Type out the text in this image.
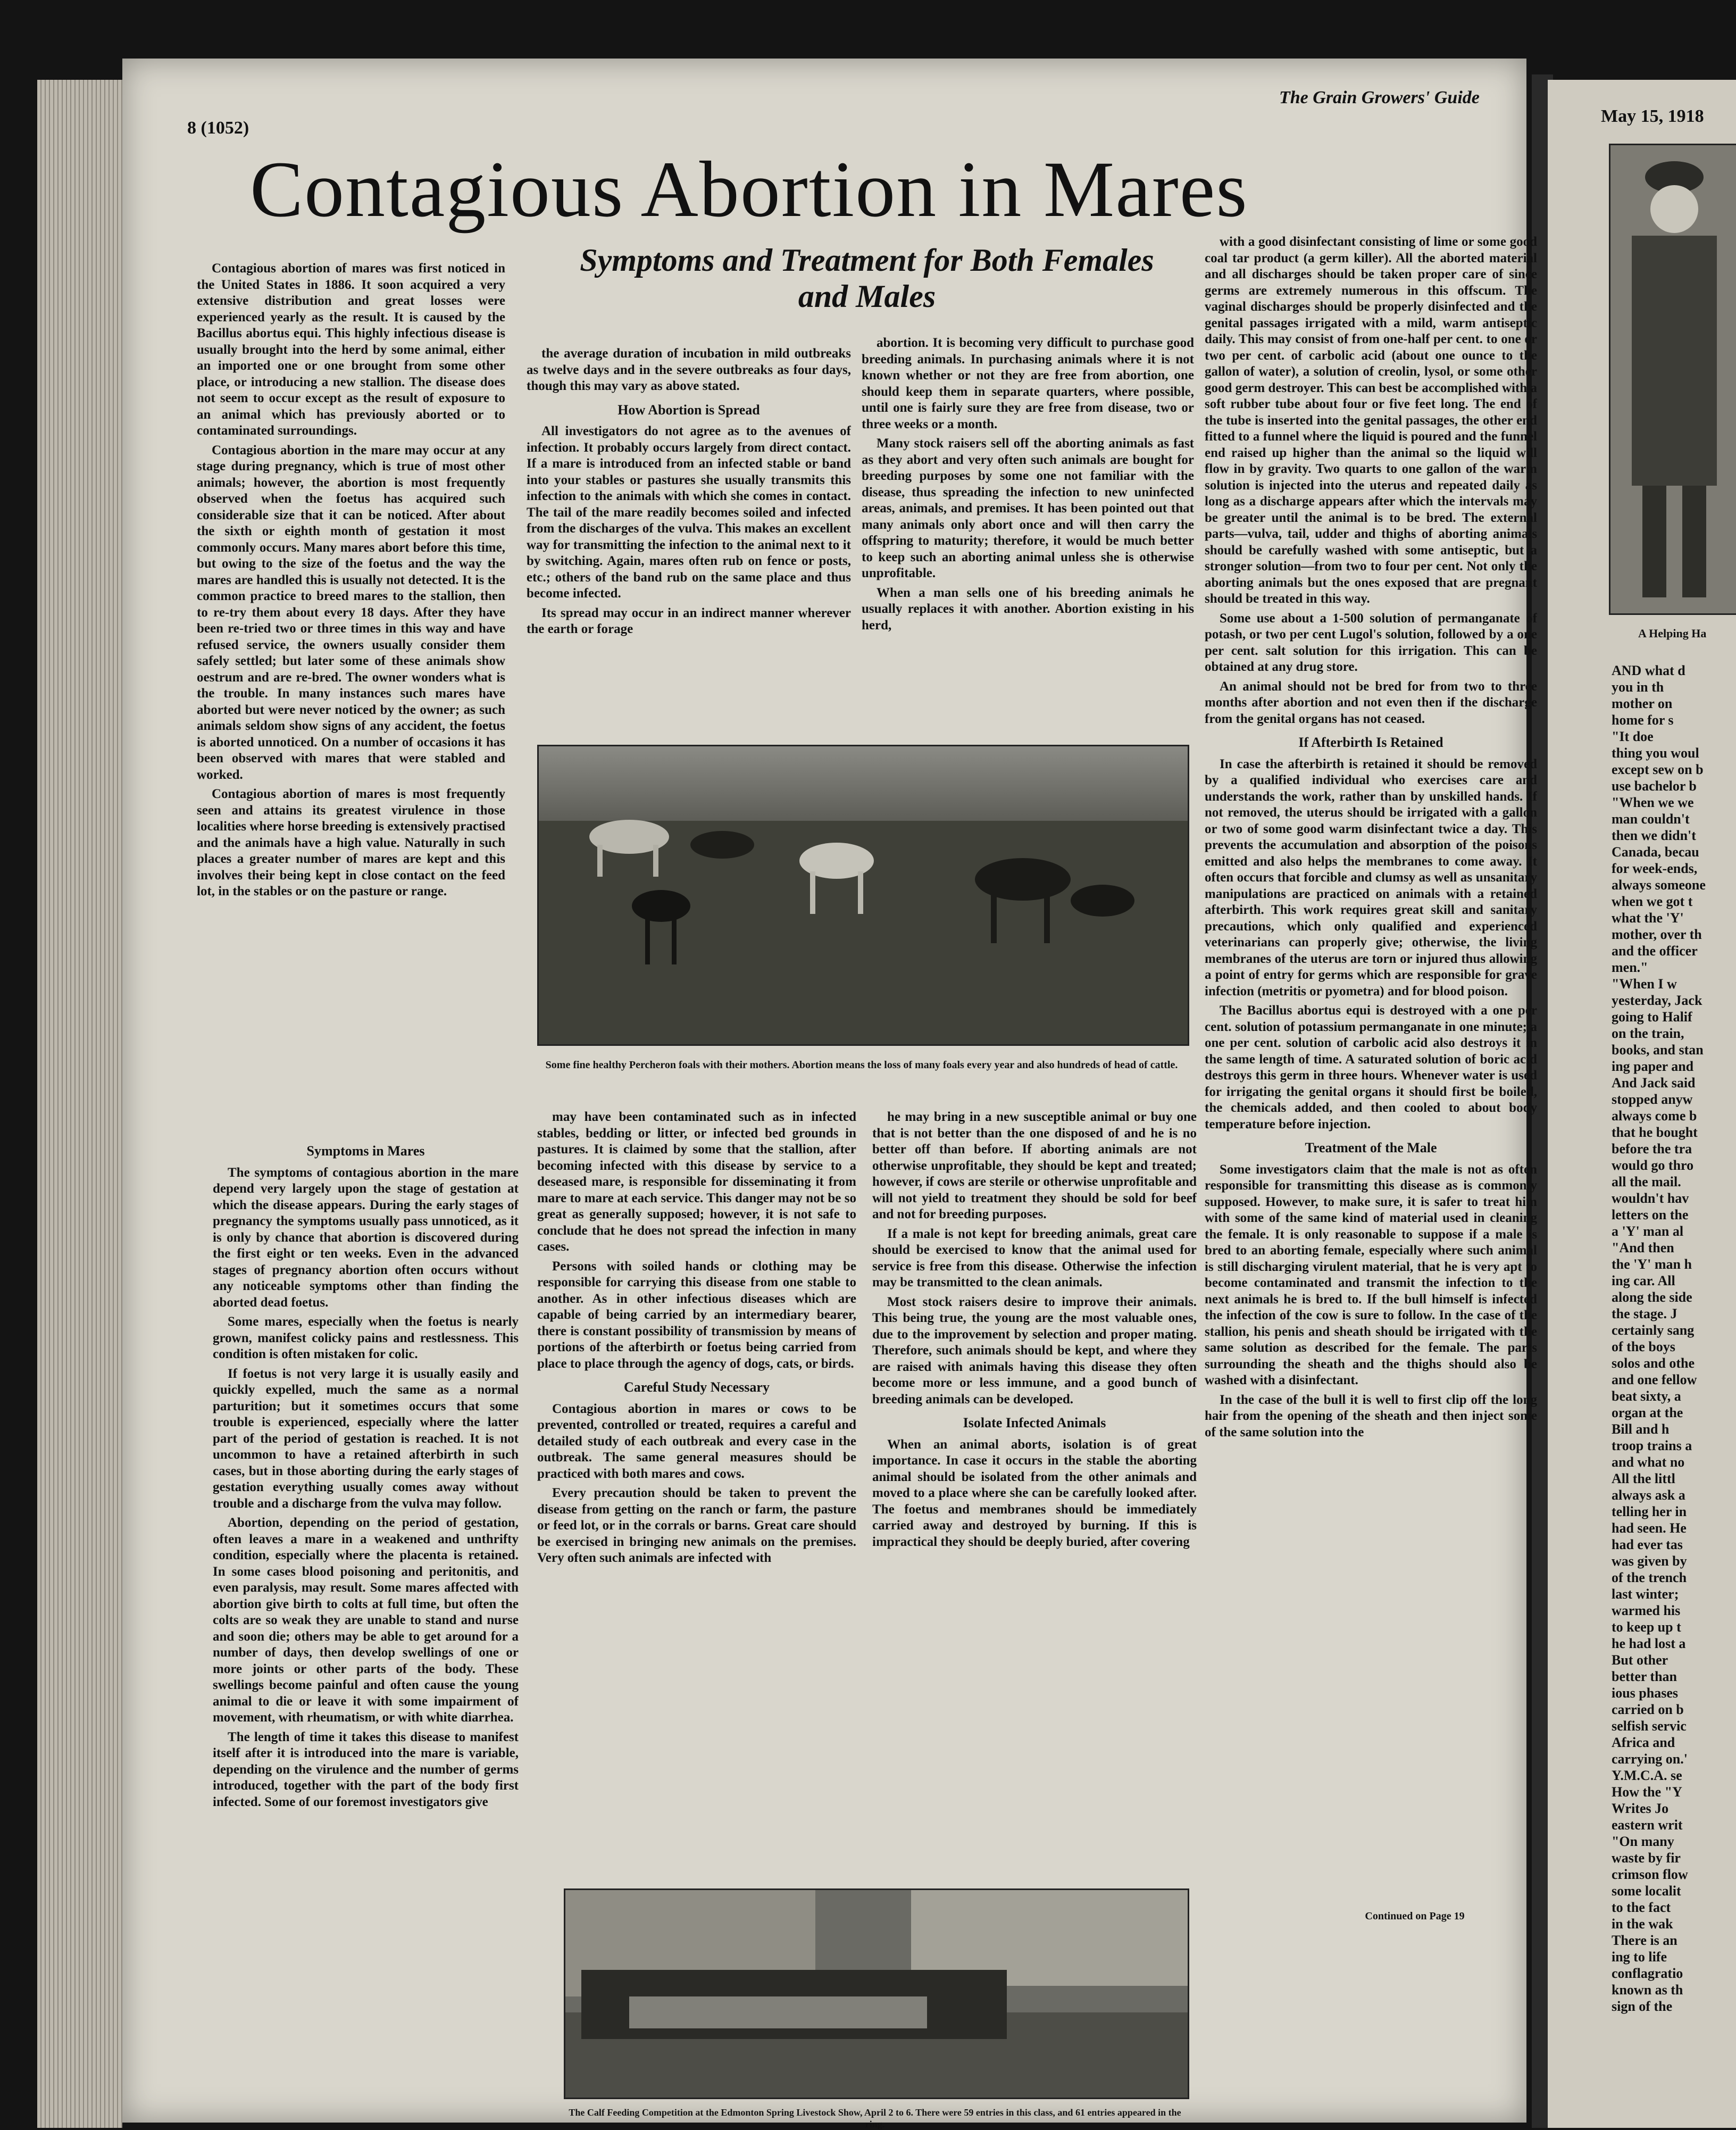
8 (1052)
The Grain Growers' Guide
May 15, 1918
Contagious Abortion in Mares
Symptoms and Treatment for Both Females and Males

Contagious abortion of mares was first noticed in the United States in 1886. It soon acquired a very extensive distribution and great losses were experienced yearly as the result. It is caused by the Bacillus abortus equi. This highly infectious disease is usually brought into the herd by some animal, either an imported one or one brought from some other place, or introducing a new stallion. The disease does not seem to occur except as the result of exposure to an animal which has previously aborted or to contaminated surroundings.

Contagious abortion in the mare may occur at any stage during pregnancy, which is true of most other animals; however, the abortion is most frequently observed when the foetus has acquired such considerable size that it can be noticed. After about the sixth or eighth month of gestation it most commonly occurs. Many mares abort before this time, but owing to the size of the foetus and the way the mares are handled this is usually not detected. It is the common practice to breed mares to the stallion, then to re-try them about every 18 days. After they have been re-tried two or three times in this way and have refused service, the owners usually consider them safely settled; but later some of these animals show oestrum and are re-bred. The owner wonders what is the trouble. In many instances such mares have aborted but were never noticed by the owner; as such animals seldom show signs of any accident, the foetus is aborted unnoticed. On a number of occasions it has been observed with mares that were stabled and worked.

Contagious abortion of mares is most frequently seen and attains its greatest virulence in those localities where horse breeding is extensively practised and the animals have a high value. Naturally in such places a greater number of mares are kept and this involves their being kept in close contact on the feed lot, in the stables or on the pasture or range.

Symptoms in Mares

The symptoms of contagious abortion in the mare depend very largely upon the stage of gestation at which the disease appears. During the early stages of pregnancy the symptoms usually pass unnoticed, as it is only by chance that abortion is discovered during the first eight or ten weeks. Even in the advanced stages of pregnancy abortion often occurs without any noticeable symptoms other than finding the aborted dead foetus.

Some mares, especially when the foetus is nearly grown, manifest colicky pains and restlessness. This condition is often mistaken for colic.

If foetus is not very large it is usually easily and quickly expelled, much the same as a normal parturition; but it sometimes occurs that some trouble is experienced, especially where the latter part of the period of gestation is reached. It is not uncommon to have a retained afterbirth in such cases, but in those aborting during the early stages of gestation everything usually comes away without trouble and a discharge from the vulva may follow.

Abortion, depending on the period of gestation, often leaves a mare in a weakened and unthrifty condition, especially where the placenta is retained. In some cases blood poisoning and peritonitis, and even paralysis, may result. Some mares affected with abortion give birth to colts at full time, but often the colts are so weak they are unable to stand and nurse and soon die; others may be able to get around for a number of days, then develop swellings of one or more joints or other parts of the body. These swellings become painful and often cause the young animal to die or leave it with some impairment of movement, with rheumatism, or with white diarrhea.

The length of time it takes this disease to manifest itself after it is introduced into the mare is variable, depending on the virulence and the number of germs introduced, together with the part of the body first infected. Some of our foremost investigators give

the average duration of incubation in mild outbreaks as twelve days and in the severe outbreaks as four days, though this may vary as above stated.

How Abortion is Spread

All investigators do not agree as to the avenues of infection. It probably occurs largely from direct contact. If a mare is introduced from an infected stable or band into your stables or pastures she usually transmits this infection to the animals with which she comes in contact. The tail of the mare readily becomes soiled and infected from the discharges of the vulva. This makes an excellent way for transmitting the infection to the animal next to it by switching. Again, mares often rub on fence or posts, etc.; others of the band rub on the same place and thus become infected.

Its spread may occur in an indirect manner wherever the earth or forage

abortion. It is becoming very difficult to purchase good breeding animals. In purchasing animals where it is not known whether or not they are free from abortion, one should keep them in separate quarters, where possible, until one is fairly sure they are free from disease, two or three weeks or a month.

Many stock raisers sell off the aborting animals as fast as they abort and very often such animals are bought for breeding purposes by some one not familiar with the disease, thus spreading the infection to new uninfected areas, animals, and premises. It has been pointed out that many animals only abort once and will then carry the offspring to maturity; therefore, it would be much better to keep such an aborting animal unless she is otherwise unprofitable.

When a man sells one of his breeding animals he usually replaces it with another. Abortion existing in his herd,

Some fine healthy Percheron foals with their mothers. Abortion means the loss of many foals every year and also hundreds of head of cattle.

may have been contaminated such as in infected stables, bedding or litter, or infected bed grounds in pastures. It is claimed by some that the stallion, after becoming infected with this disease by service to a deseased mare, is responsible for disseminating it from mare to mare at each service. This danger may not be so great as generally supposed; however, it is not safe to conclude that he does not spread the infection in many cases.

Persons with soiled hands or clothing may be responsible for carrying this disease from one stable to another. As in other infectious diseases which are capable of being carried by an intermediary bearer, there is constant possibility of transmission by means of portions of the afterbirth or foetus being carried from place to place through the agency of dogs, cats, or birds.

Careful Study Necessary

Contagious abortion in mares or cows to be prevented, controlled or treated, requires a careful and detailed study of each outbreak and every case in the outbreak. The same general measures should be practiced with both mares and cows.

Every precaution should be taken to prevent the disease from getting on the ranch or farm, the pasture or feed lot, or in the corrals or barns. Great care should be exercised in bringing new animals on the premises. Very often such animals are infected with

he may bring in a new susceptible animal or buy one that is not better than the one disposed of and he is no better off than before. If aborting animals are not otherwise unprofitable, they should be kept and treated; however, if cows are sterile or otherwise unprofitable and will not yield to treatment they should be sold for beef and not for breeding purposes.

If a male is not kept for breeding animals, great care should be exercised to know that the animal used for service is free from this disease. Otherwise the infection may be transmitted to the clean animals.

Most stock raisers desire to improve their animals. This being true, the young are the most valuable ones, due to the improvement by selection and proper mating. Therefore, such animals should be kept, and where they are raised with animals having this disease they often become more or less immune, and a good bunch of breeding animals can be developed.

Isolate Infected Animals

When an animal aborts, isolation is of great importance. In case it occurs in the stable the aborting animal should be isolated from the other animals and moved to a place where she can be carefully looked after. The foetus and membranes should be immediately carried away and destroyed by burning. If this is impractical they should be deeply buried, after covering

The Calf Feeding Competition at the Edmonton Spring Livestock Show, April 2 to 6. There were 59 entries in this class, and 61 entries appeared in the ring.

with a good disinfectant consisting of lime or some good coal tar product (a germ killer). All the aborted material and all discharges should be taken proper care of since germs are extremely numerous in this offscum. The vaginal discharges should be properly disinfected and the genital passages irrigated with a mild, warm antiseptic daily. This may consist of from one-half per cent. to one or two per cent. of carbolic acid (about one ounce to the gallon of water), a solution of creolin, lysol, or some other good germ destroyer. This can best be accomplished with a soft rubber tube about four or five feet long. The end of the tube is inserted into the genital passages, the other end fitted to a funnel where the liquid is poured and the funnel end raised up higher than the animal so the liquid will flow in by gravity. Two quarts to one gallon of the warm solution is injected into the uterus and repeated daily as long as a discharge appears after which the intervals may be greater until the animal is to be bred. The external parts—vulva, tail, udder and thighs of aborting animals should be carefully washed with some antiseptic, but a stronger solution—from two to four per cent. Not only the aborting animals but the ones exposed that are pregnant should be treated in this way.

Some use about a 1-500 solution of permanganate of potash, or two per cent Lugol's solution, followed by a one per cent. salt solution for this irrigation. This can be obtained at any drug store.

An animal should not be bred for from two to three months after abortion and not even then if the discharge from the genital organs has not ceased.

If Afterbirth Is Retained

In case the afterbirth is retained it should be removed by a qualified individual who exercises care and understands the work, rather than by unskilled hands. If not removed, the uterus should be irrigated with a gallon or two of some good warm disinfectant twice a day. This prevents the accumulation and absorption of the poisons emitted and also helps the membranes to come away. It often occurs that forcible and clumsy as well as unsanitary manipulations are practiced on animals with a retained afterbirth. This work requires great skill and sanitary precautions, which only qualified and experienced veterinarians can properly give; otherwise, the living membranes of the uterus are torn or injured thus allowing a point of entry for germs which are responsible for grave infection (metritis or pyometra) and for blood poison.

The Bacillus abortus equi is destroyed with a one per cent. solution of potassium permanganate in one minute; a one per cent. solution of carbolic acid also destroys it in the same length of time. A saturated solution of boric acid destroys this germ in three hours. Whenever water is used for irrigating the genital organs it should first be boiled, the chemicals added, and then cooled to about body temperature before injection.

Treatment of the Male

Some investigators claim that the male is not as often responsible for transmitting this disease as is commonly supposed. However, to make sure, it is safer to treat him with some of the same kind of material used in cleaning the female. It is only reasonable to suppose if a male is bred to an aborting female, especially where such animal is still discharging virulent material, that he is very apt to become contaminated and transmit the infection to the next animals he is bred to. If the bull himself is infected the infection of the cow is sure to follow. In the case of the stallion, his penis and sheath should be irrigated with the same solution as described for the female. The parts surrounding the sheath and the thighs should also be washed with a disinfectant.

In the case of the bull it is well to first clip off the long hair from the opening of the sheath and then inject some of the same solution into the

Continued on Page 19
A Helping Ha
AND what d
you in th
mother on
home for s
"It doe
thing you woul
except sew on b
use bachelor b
"When we we
man couldn't
then we didn't
Canada, becau
for week-ends,
always someone
when we got t
what the 'Y'
mother, over th
and the officer
men."
"When I w
yesterday, Jack
going to Halif
on the train,
books, and stan
ing paper and
And Jack said
stopped anyw
always come b
that he bought
before the tra
would go thro
all the mail.
wouldn't hav
letters on the
a 'Y' man al
"And then
the 'Y' man h
ing car. All
along the side
the stage. J
certainly sang
of the boys
solos and othe
and one fellow
beat sixty, a
organ at the
Bill and h
troop trains a
and what no
All the littl
always ask a
telling her in
had seen. He
had ever tas
was given by
of the trench
last winter;
warmed his
to keep up t
he had lost a
But other
better than
ious phases
carried on b
selfish servic
Africa and
carrying on.'
Y.M.C.A. se
How the "Y
Writes Jo
eastern writ
"On many
waste by fir
crimson flow
some localit
to the fact
in the wak
There is an
ing to life
conflagratio
known as th
sign of the
